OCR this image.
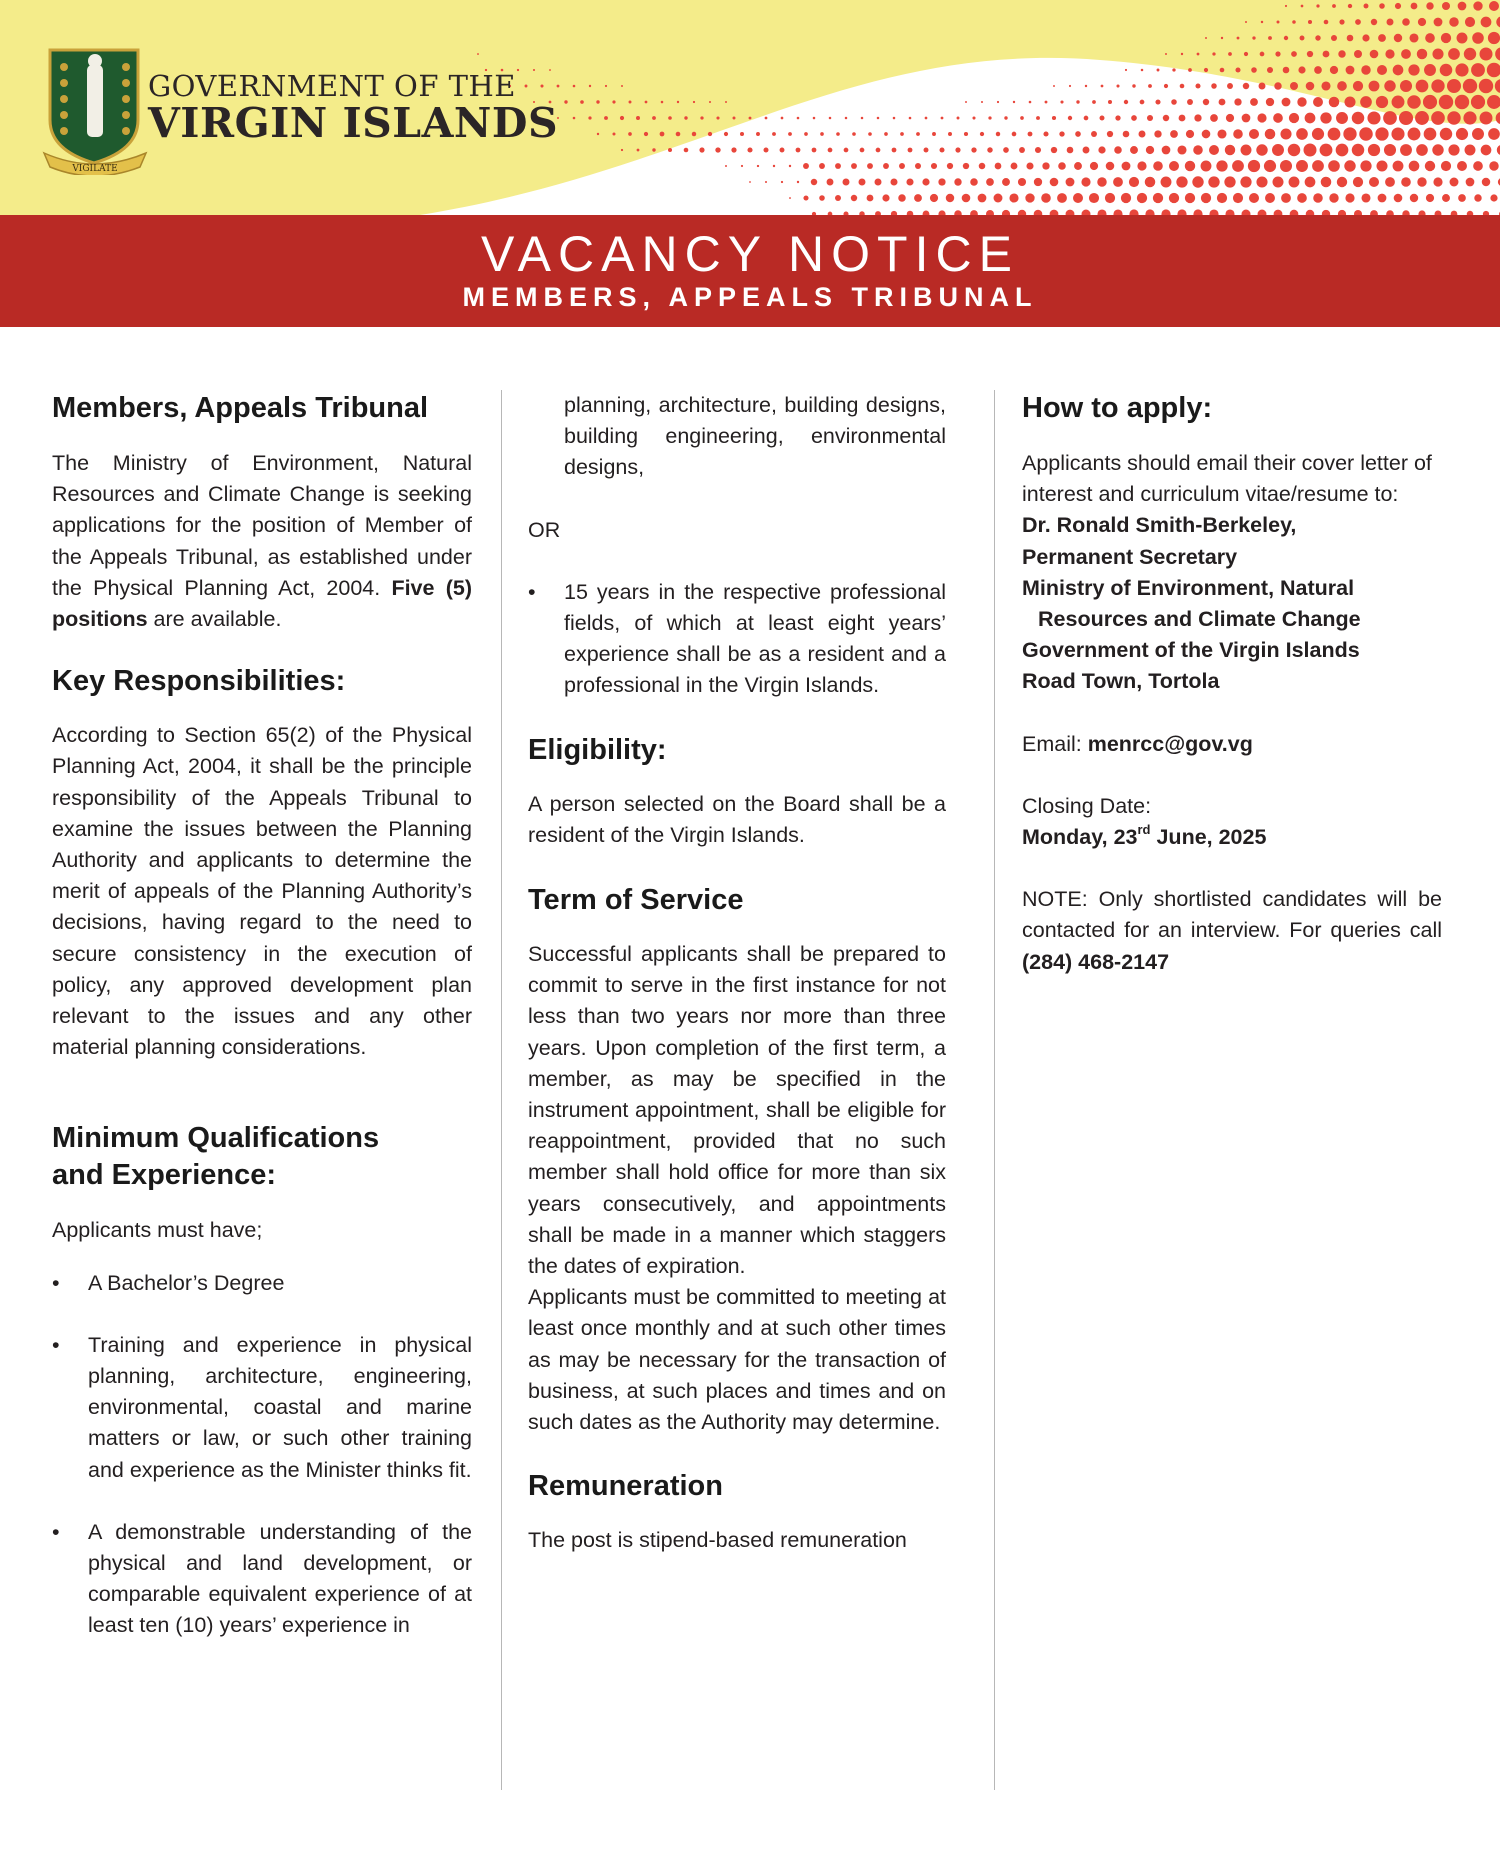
VIGILATE
GOVERNMENT OF THE
VIRGIN ISLANDS
VACANCY NOTICE
MEMBERS, APPEALS TRIBUNAL
Members, Appeals Tribunal

The Ministry of Environment, Natural Resources and Climate Change is seeking applications for the position of Member of the Appeals Tribunal, as established under the Physical Planning Act, 2004. Five (5) positions are available.

Key Responsibilities:

According to Section 65(2) of the Physical Planning Act, 2004, it shall be the principle responsibility of the Appeals Tribunal to examine the issues between the Planning Authority and applicants to determine the merit of appeals of the Planning Authority’s decisions, having regard to the need to secure consistency in the execution of policy, any approved development plan relevant to the issues and any other material planning considerations.

Minimum Qualifications
and Experience:

Applicants must have;

• A Bachelor’s Degree
• Training and experience in physical planning, architecture, engineering, environmental, coastal and marine matters or law, or such other training and experience as the Minister thinks fit.
• A demonstrable understanding of the physical and land development, or comparable equivalent experience of at least ten (10) years’ experience in

planning, architecture, building designs, building engineering, environmental designs,

OR

• 15 years in the respective professional fields, of which at least eight years’ experience shall be as a resident and a professional in the Virgin Islands.
Eligibility:

A person selected on the Board shall be a resident of the Virgin Islands.

Term of Service

Successful applicants shall be prepared to commit to serve in the first instance for not less than two years nor more than three years. Upon completion of the first term, a member, as may be specified in the instrument appointment, shall be eligible for reappointment, provided that no such member shall hold office for more than six years consecutively, and appointments shall be made in a manner which staggers the dates of expiration.

Applicants must be committed to meeting at least once monthly and at such other times as may be necessary for the transaction of business, at such places and times and on such dates as the Authority may determine.

Remuneration

The post is stipend-based remuneration

How to apply:

Applicants should email their cover letter of interest and curriculum vitae/resume to:

Dr. Ronald Smith-Berkeley,
Permanent Secretary
Ministry of Environment, Natural
Resources and Climate Change
Government of the Virgin Islands
Road Town, Tortola

Email: menrcc@gov.vg

Closing Date:

Monday, 23rd June, 2025

NOTE: Only shortlisted candidates will be contacted for an interview. For queries call (284) 468-2147
